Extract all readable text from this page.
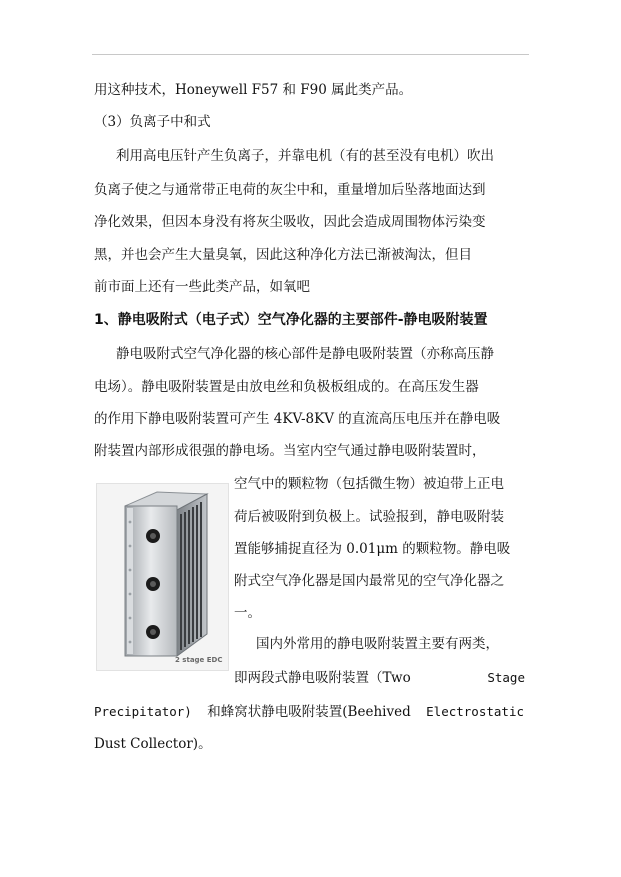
用这种技术，Honeywell F57 和 F90 属此类产品。
（3）负离子中和式
利用高电压针产生负离子，并靠电机（有的甚至没有电机）吹出
负离子使之与通常带正电荷的灰尘中和，重量增加后坠落地面达到
净化效果，但因本身没有将灰尘吸收，因此会造成周围物体污染变
黑，并也会产生大量臭氧，因此这种净化方法已渐被淘汰，但目
前市面上还有一些此类产品，如氧吧
1、静电吸附式（电子式）空气净化器的主要部件-静电吸附装置
静电吸附式空气净化器的核心部件是静电吸附装置（亦称高压静
电场）。静电吸附装置是由放电丝和负极板组成的。在高压发生器
的作用下静电吸附装置可产生 4KV-8KV 的直流高压电压并在静电吸
附装置内部形成很强的静电场。当室内空气通过静电吸附装置时，
2 stage EDC
空气中的颗粒物（包括微生物）被迫带上正电
荷后被吸附到负极上。试验报到，静电吸附装
置能够捕捉直径为 0.01μm 的颗粒物。静电吸
附式空气净化器是国内最常见的空气净化器之
一。
国内外常用的静电吸附装置主要有两类，
即两段式静电吸附装置（Two	Stage
Precipitator) 和蜂窝状静电吸附装置(Beehived Electrostatic
Dust Collector)。
